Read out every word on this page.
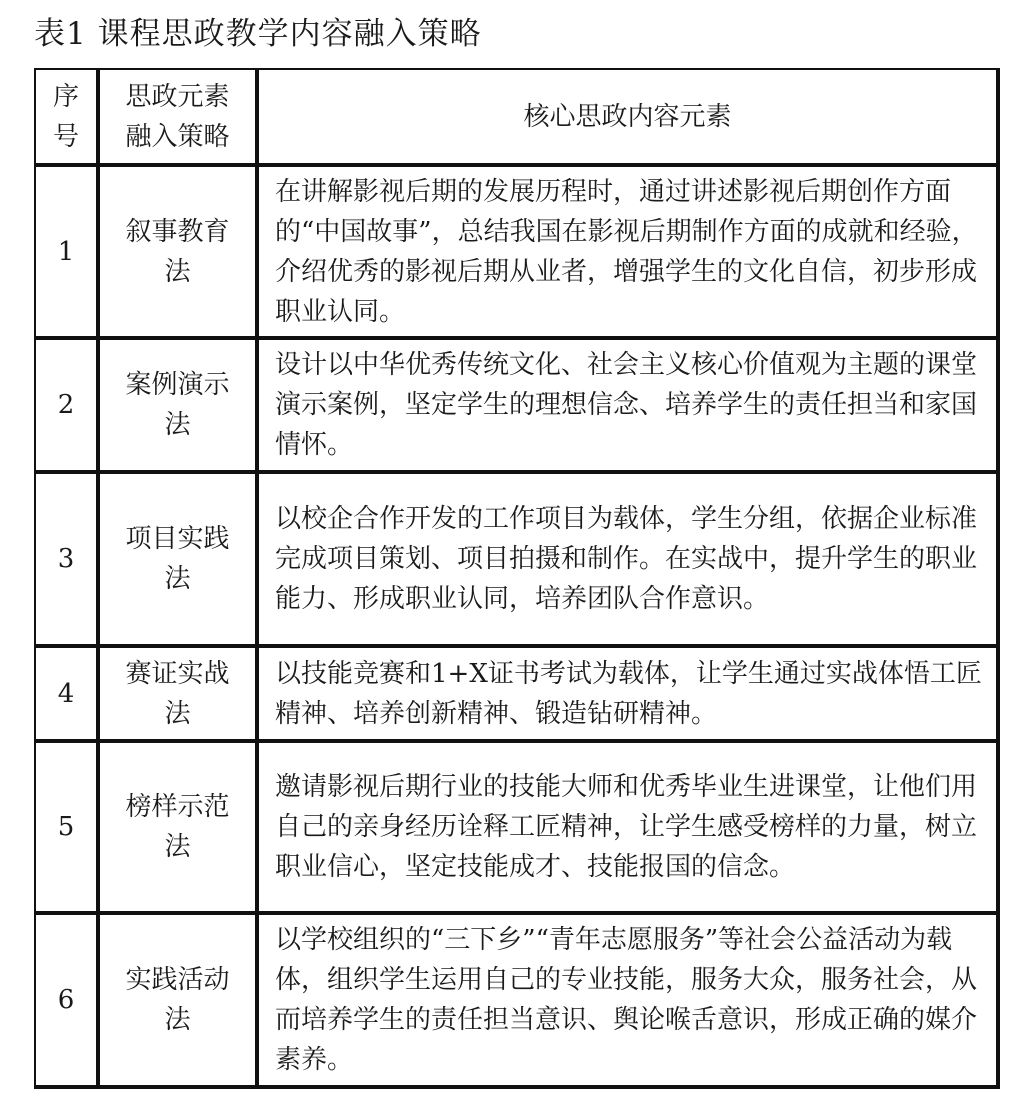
表1 课程思政教学内容融入策略
序号	思政元素融入策略	核心思政内容元素
1	叙事教育法	在讲解影视后期的发展历程时，通过讲述影视后期创作方面的“中国故事”，总结我国在影视后期制作方面的成就和经验，介绍优秀的影视后期从业者，增强学生的文化自信，初步形成职业认同。
2	案例演示法	设计以中华优秀传统文化、社会主义核心价值观为主题的课堂演示案例，坚定学生的理想信念、培养学生的责任担当和家国情怀。
3	项目实践法	以校企合作开发的工作项目为载体，学生分组，依据企业标准完成项目策划、项目拍摄和制作。在实战中，提升学生的职业能力、形成职业认同，培养团队合作意识。
4	赛证实战法	以技能竞赛和1+X证书考试为载体，让学生通过实战体悟工匠精神、培养创新精神、锻造钻研精神。
5	榜样示范法	邀请影视后期行业的技能大师和优秀毕业生进课堂，让他们用自己的亲身经历诠释工匠精神，让学生感受榜样的力量，树立职业信心，坚定技能成才、技能报国的信念。
6	实践活动法	以学校组织的“三下乡”“青年志愿服务”等社会公益活动为载体，组织学生运用自己的专业技能，服务大众，服务社会，从而培养学生的责任担当意识、舆论喉舌意识，形成正确的媒介素养。
